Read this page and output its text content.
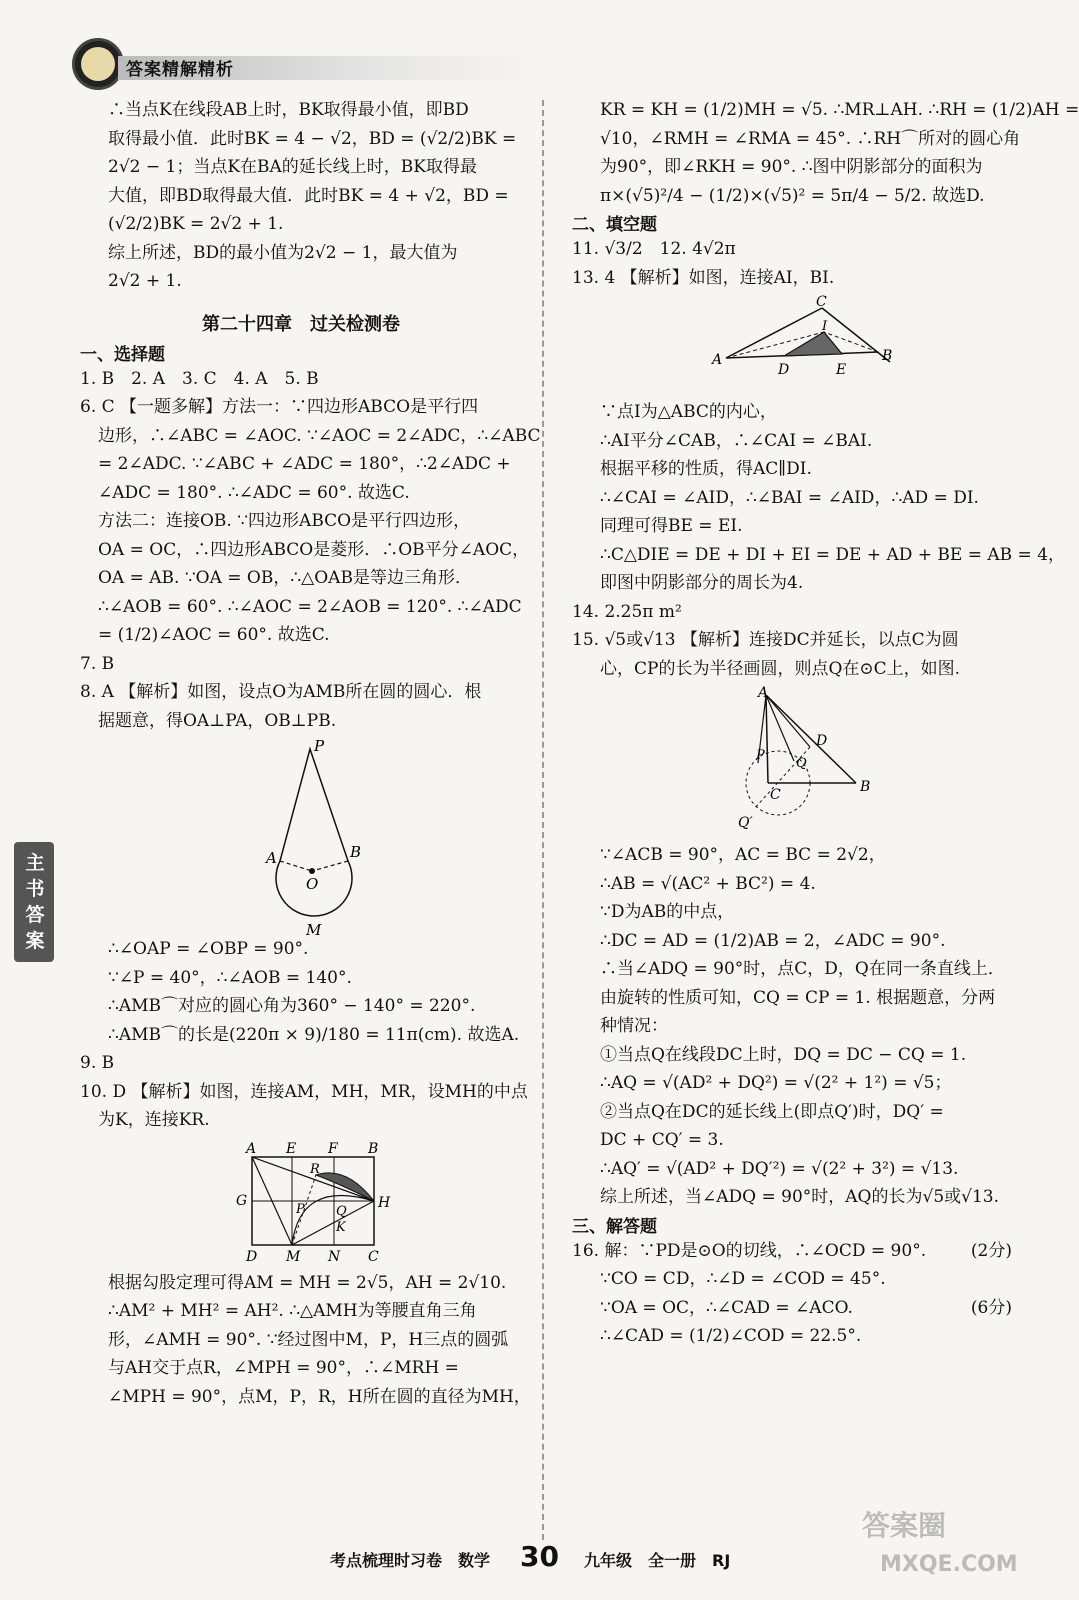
答案精解精析
主书答案
∴当点K在线段AB上时，BK取得最小值，即BD
取得最小值．此时BK = 4 − √2，BD = (√2/2)BK =
2√2 − 1；当点K在BA的延长线上时，BK取得最
大值，即BD取得最大值．此时BK = 4 + √2，BD =
(√2/2)BK = 2√2 + 1.
综上所述，BD的最小值为2√2 − 1，最大值为
2√2 + 1.
第二十四章　过关检测卷
一、选择题
1. B　2. A　3. C　4. A　5. B
6. C 【一题多解】方法一：∵四边形ABCO是平行四
边形，∴∠ABC = ∠AOC. ∵∠AOC = 2∠ADC，∴∠ABC
= 2∠ADC. ∵∠ABC + ∠ADC = 180°，∴2∠ADC +
∠ADC = 180°. ∴∠ADC = 60°. 故选C.
方法二：连接OB. ∵四边形ABCO是平行四边形，
OA = OC，∴四边形ABCO是菱形．∴OB平分∠AOC，
OA = AB. ∵OA = OB，∴△OAB是等边三角形．
∴∠AOB = 60°. ∴∠AOC = 2∠AOB = 120°. ∴∠ADC
= (1/2)∠AOC = 60°. 故选C.
7. B
8. A 【解析】如图，设点O为AMB所在圆的圆心．根
据题意，得OA⊥PA，OB⊥PB.
P
A	B
O
M
∴∠OAP = ∠OBP = 90°.
∵∠P = 40°，∴∠AOB = 140°.
∴AMB⌒对应的圆心角为360° − 140° = 220°.
∴AMB⌒的长是(220π × 9)/180 = 11π(cm). 故选A.
9. B
10. D 【解析】如图，连接AM，MH，MR，设MH的中点
为K，连接KR.
A E F B
G	H
R
P Q
K
D M N C
根据勾股定理可得AM = MH = 2√5，AH = 2√10.
∴AM² + MH² = AH². ∴△AMH为等腰直角三角
形，∠AMH = 90°. ∵经过图中M，P，H三点的圆弧
与AH交于点R，∠MPH = 90°，∴∠MRH =
∠MPH = 90°，点M，P，R，H所在圆的直径为MH，
KR = KH = (1/2)MH = √5. ∴MR⊥AH. ∴RH = (1/2)AH =
√10，∠RMH = ∠RMA = 45°. ∴RH⌒所对的圆心角
为90°，即∠RKH = 90°. ∴图中阴影部分的面积为
π×(√5)²/4 − (1/2)×(√5)² = 5π/4 − 5/2. 故选D.
二、填空题
11. √3/2　12. 4√2π
13. 4 【解析】如图，连接AI，BI.
C
I
A	B
D	E
∵点I为△ABC的内心，
∴AI平分∠CAB，∴∠CAI = ∠BAI.
根据平移的性质，得AC∥DI.
∴∠CAI = ∠AID，∴∠BAI = ∠AID，∴AD = DI.
同理可得BE = EI.
∴C△DIE = DE + DI + EI = DE + AD + BE = AB = 4，
即图中阴影部分的周长为4.
14. 2.25π m²
15. √5或√13 【解析】连接DC并延长，以点C为圆
心，CP的长为半径画圆，则点Q在⊙C上，如图.
A
D
P
Q
C	B
Q′
∵∠ACB = 90°，AC = BC = 2√2，
∴AB = √(AC² + BC²) = 4.
∵D为AB的中点，
∴DC = AD = (1/2)AB = 2，∠ADC = 90°.
∴当∠ADQ = 90°时，点C，D，Q在同一条直线上．
由旋转的性质可知，CQ = CP = 1. 根据题意，分两
种情况：
①当点Q在线段DC上时，DQ = DC − CQ = 1.
∴AQ = √(AD² + DQ²) = √(2² + 1²) = √5；
②当点Q在DC的延长线上(即点Q′)时，DQ′ =
DC + CQ′ = 3.
∴AQ′ = √(AD² + DQ′²) = √(2² + 3²) = √13.
综上所述，当∠ADQ = 90°时，AQ的长为√5或√13.
三、解答题
16. 解：∵PD是⊙O的切线，∴∠OCD = 90°.	(2分)
∵CO = CD，∴∠D = ∠COD = 45°.
∵OA = OC，∴∠CAD = ∠ACO.	(6分)
∴∠CAD = (1/2)∠COD = 22.5°.
考点梳理时习卷　数学 30 九年级　全一册　RJ
答案圈
MXQE.COM
